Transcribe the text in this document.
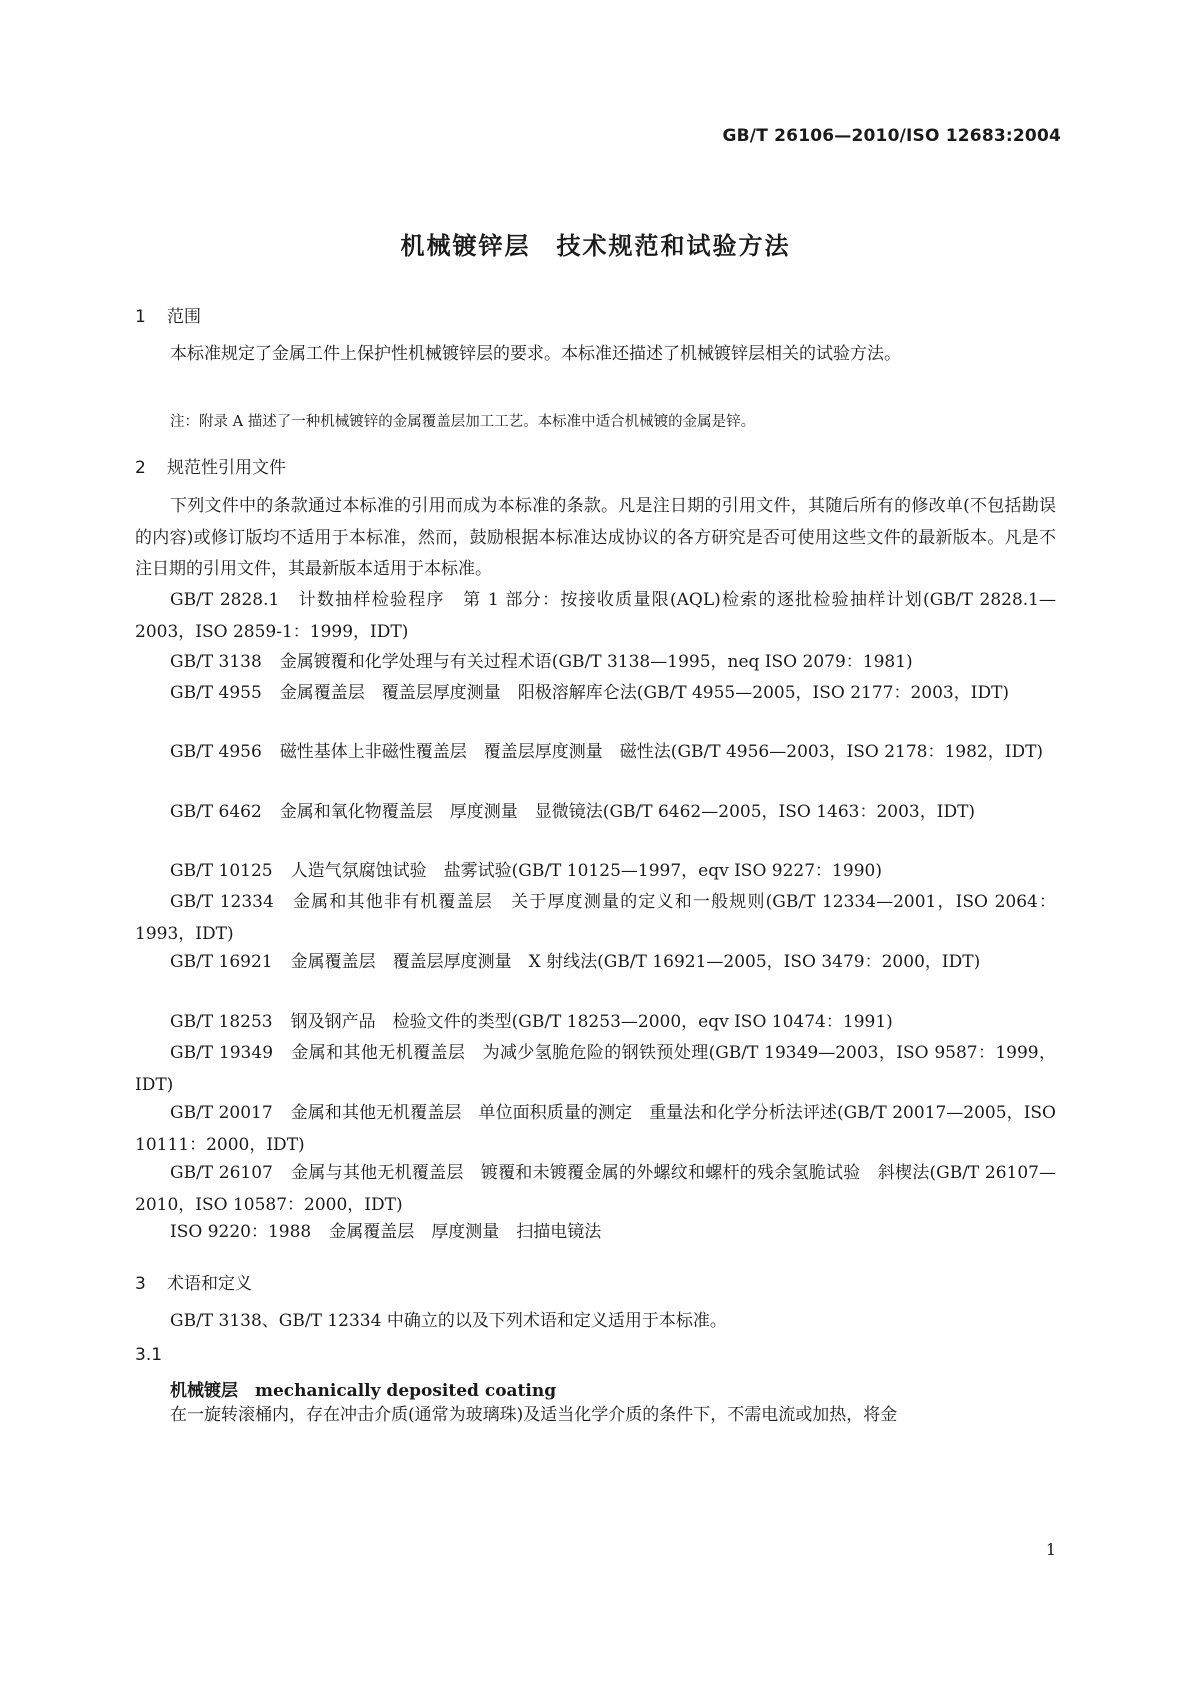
GB/T 26106—2010/ISO 12683:2004
机械镀锌层　技术规范和试验方法
1 范围

本标准规定了金属工件上保护性机械镀锌层的要求。本标准还描述了机械镀锌层相关的试验方法。

注：附录 A 描述了一种机械镀锌的金属覆盖层加工工艺。本标准中适合机械镀的金属是锌。
2 规范性引用文件

下列文件中的条款通过本标准的引用而成为本标准的条款。凡是注日期的引用文件，其随后所有的修改单(不包括勘误的内容)或修订版均不适用于本标准，然而，鼓励根据本标准达成协议的各方研究是否可使用这些文件的最新版本。凡是不注日期的引用文件，其最新版本适用于本标准。

GB/T 2828.1 计数抽样检验程序　第 1 部分：按接收质量限(AQL)检索的逐批检验抽样计划(GB/T 2828.1—2003，ISO 2859-1：1999，IDT)

GB/T 3138 金属镀覆和化学处理与有关过程术语(GB/T 3138—1995，neq ISO 2079：1981)

GB/T 4955 金属覆盖层　覆盖层厚度测量　阳极溶解库仑法(GB/T 4955—2005，ISO 2177：2003，IDT)

GB/T 4956 磁性基体上非磁性覆盖层　覆盖层厚度测量　磁性法(GB/T 4956—2003，ISO 2178：1982，IDT)

GB/T 6462 金属和氧化物覆盖层　厚度测量　显微镜法(GB/T 6462—2005，ISO 1463：2003，IDT)

GB/T 10125 人造气氛腐蚀试验　盐雾试验(GB/T 10125—1997，eqv ISO 9227：1990)

GB/T 12334 金属和其他非有机覆盖层　关于厚度测量的定义和一般规则(GB/T 12334—2001，ISO 2064：1993，IDT)

GB/T 16921 金属覆盖层　覆盖层厚度测量　X 射线法(GB/T 16921—2005，ISO 3479：2000，IDT)

GB/T 18253 钢及钢产品　检验文件的类型(GB/T 18253—2000，eqv ISO 10474：1991)

GB/T 19349 金属和其他无机覆盖层　为减少氢脆危险的钢铁预处理(GB/T 19349—2003，ISO 9587：1999，IDT)

GB/T 20017 金属和其他无机覆盖层　单位面积质量的测定　重量法和化学分析法评述(GB/T 20017—2005，ISO 10111：2000，IDT)

GB/T 26107 金属与其他无机覆盖层　镀覆和未镀覆金属的外螺纹和螺杆的残余氢脆试验　斜楔法(GB/T 26107—2010，ISO 10587：2000，IDT)

ISO 9220：1988 金属覆盖层　厚度测量　扫描电镜法

3 术语和定义

GB/T 3138、GB/T 12334 中确立的以及下列术语和定义适用于本标准。

3.1
机械镀层　mechanically deposited coating

在一旋转滚桶内，存在冲击介质(通常为玻璃珠)及适当化学介质的条件下，不需电流或加热，将金

1
